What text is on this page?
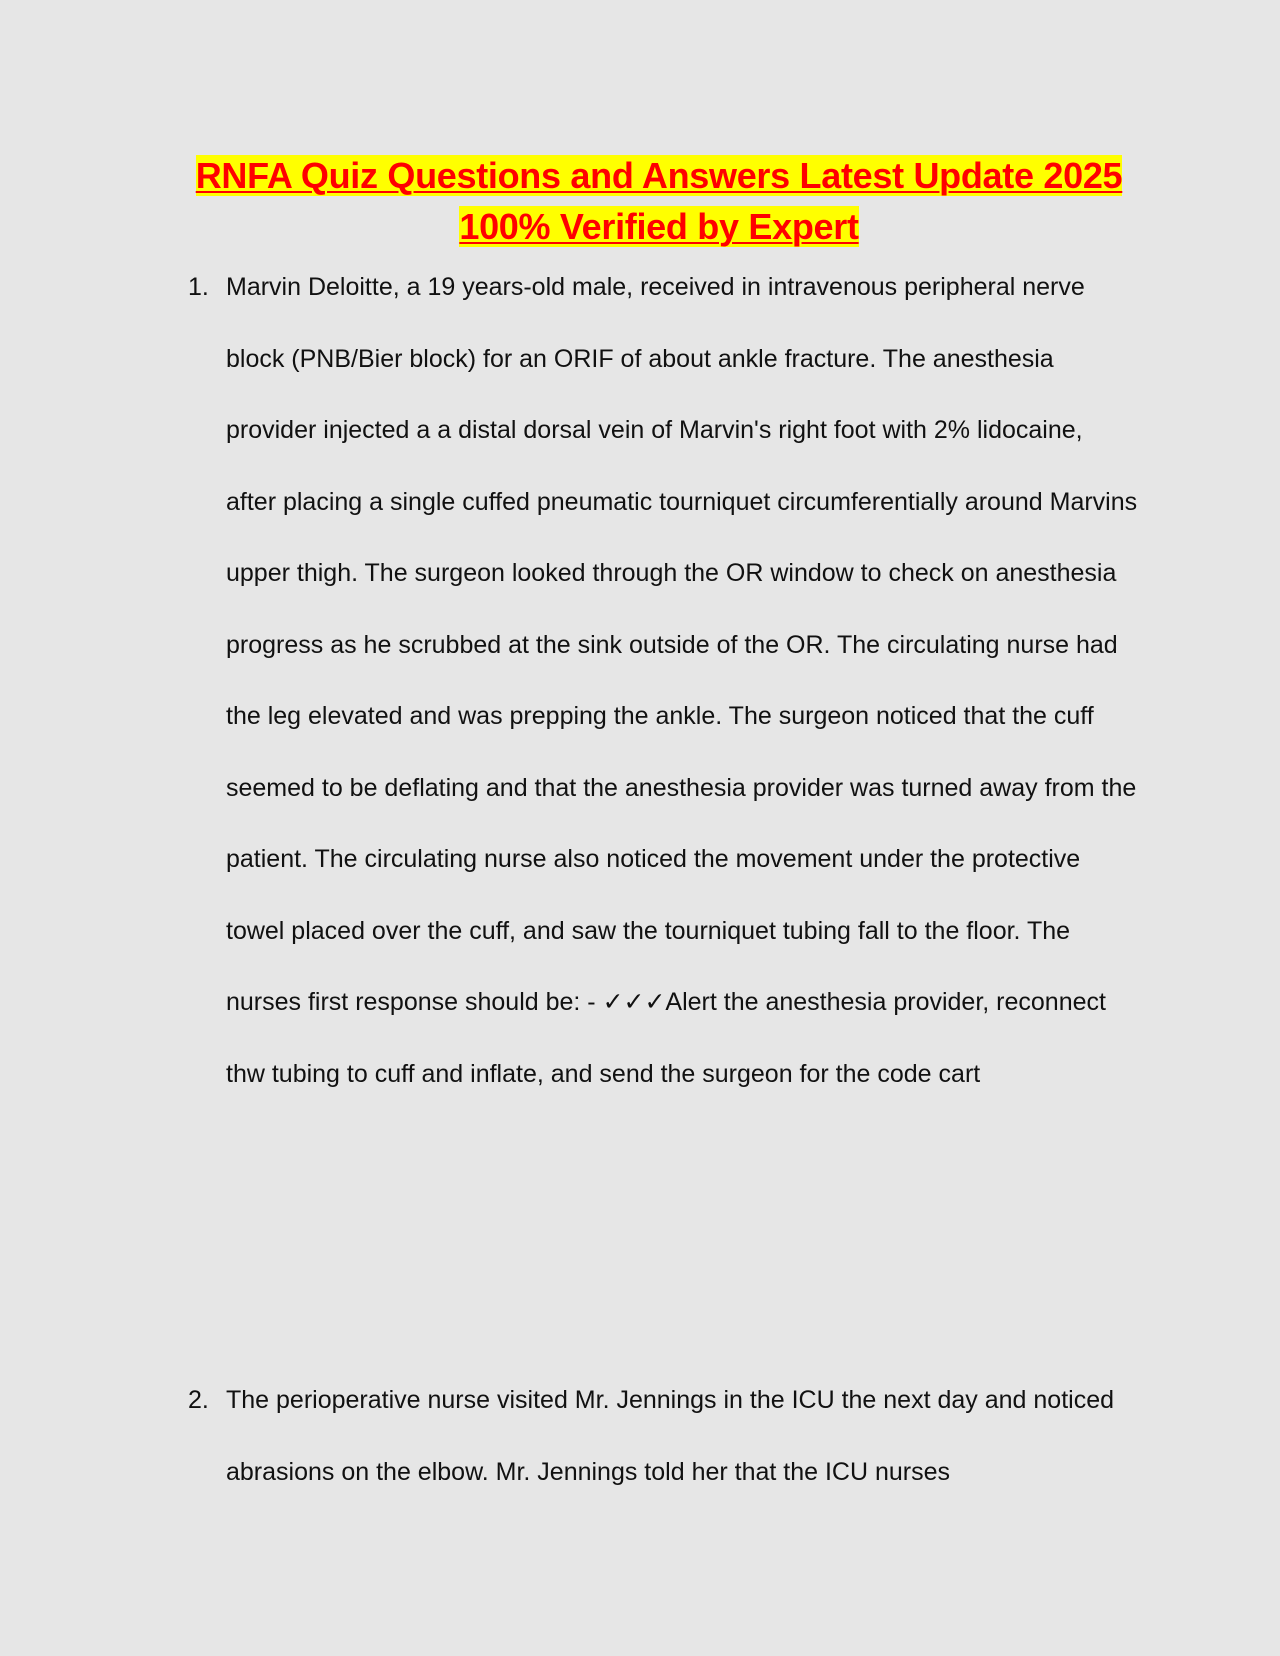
RNFA Quiz Questions and Answers Latest Update 2025
100% Verified by Expert
1. Marvin Deloitte, a 19 years-old male, received in intravenous peripheral nerve block (PNB/Bier block) for an ORIF of about ankle fracture. The anesthesia provider injected a a distal dorsal vein of Marvin's right foot with 2% lidocaine, after placing a single cuffed pneumatic tourniquet circumferentially around Marvins upper thigh. The surgeon looked through the OR window to check on anesthesia progress as he scrubbed at the sink outside of the OR. The circulating nurse had the leg elevated and was prepping the ankle. The surgeon noticed that the cuff seemed to be deflating and that the anesthesia provider was turned away from the patient. The circulating nurse also noticed the movement under the protective towel placed over the cuff, and saw the tourniquet tubing fall to the floor. The nurses first response should be: - ✓✓✓Alert the anesthesia provider, reconnect thw tubing to cuff and inflate, and send the surgeon for the code cart
2. The perioperative nurse visited Mr. Jennings in the ICU the next day and noticed abrasions on the elbow. Mr. Jennings told her that the ICU nurses
